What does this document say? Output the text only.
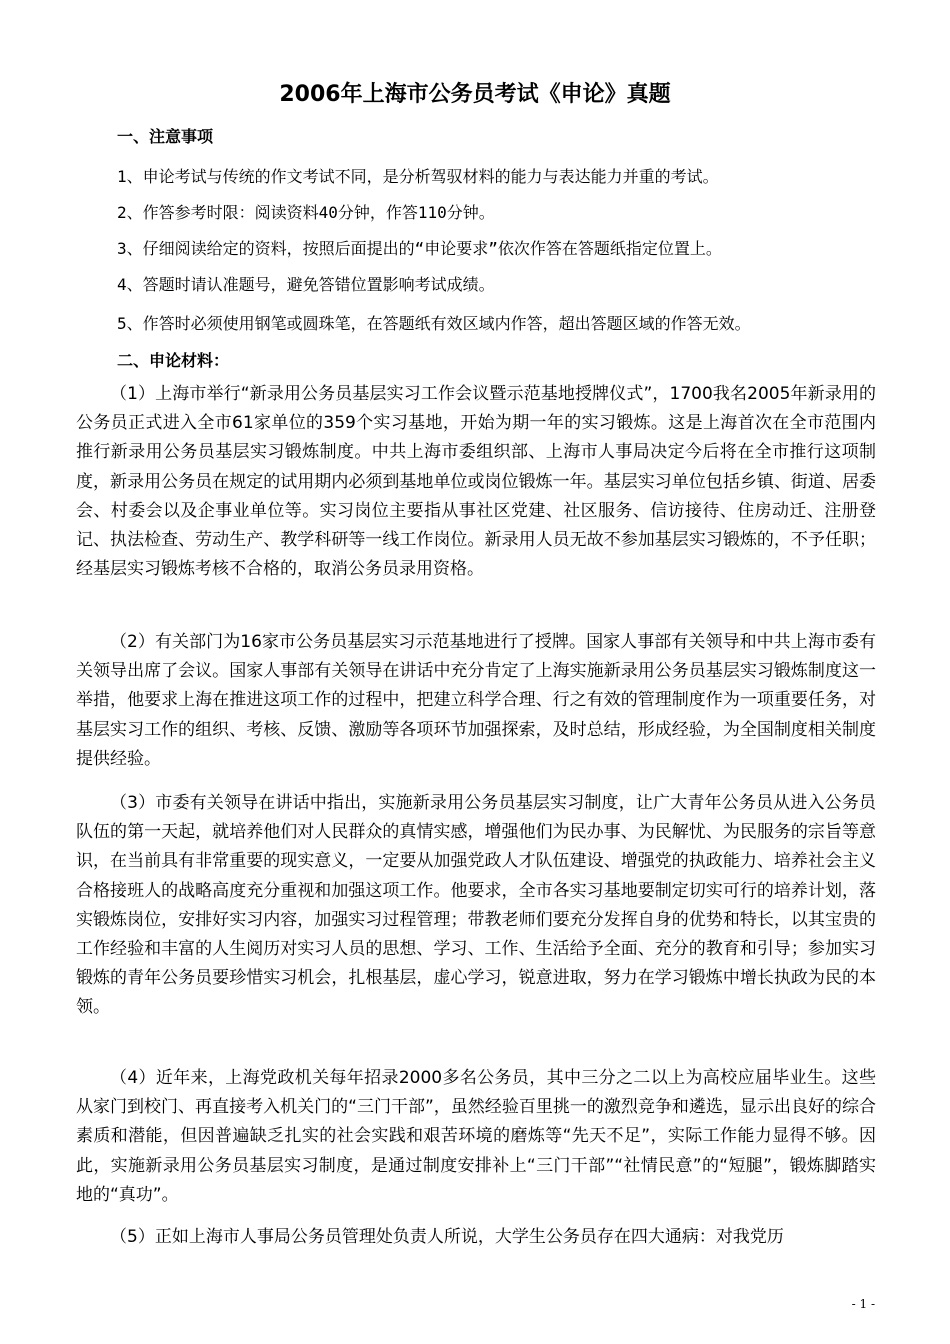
2006年上海市公务员考试《申论》真题
一、注意事项
1、申论考试与传统的作文考试不同，是分析驾驭材料的能力与表达能力并重的考试。
2、作答参考时限：阅读资料40分钟，作答110分钟。
3、仔细阅读给定的资料，按照后面提出的“申论要求”依次作答在答题纸指定位置上。
4、答题时请认准题号，避免答错位置影响考试成绩。
5、作答时必须使用钢笔或圆珠笔，在答题纸有效区域内作答，超出答题区域的作答无效。
二、申论材料：
（1）上海市举行“新录用公务员基层实习工作会议暨示范基地授牌仪式”，1700我名2005年新录用的公务员正式进入全市61家单位的359个实习基地，开始为期一年的实习锻炼。这是上海首次在全市范围内推行新录用公务员基层实习锻炼制度。中共上海市委组织部、上海市人事局决定今后将在全市推行这项制度，新录用公务员在规定的试用期内必须到基地单位或岗位锻炼一年。基层实习单位包括乡镇、街道、居委会、村委会以及企事业单位等。实习岗位主要指从事社区党建、社区服务、信访接待、住房动迁、注册登记、执法检查、劳动生产、教学科研等一线工作岗位。新录用人员无故不参加基层实习锻炼的，不予任职；经基层实习锻炼考核不合格的，取消公务员录用资格。
（2）有关部门为16家市公务员基层实习示范基地进行了授牌。国家人事部有关领导和中共上海市委有关领导出席了会议。国家人事部有关领导在讲话中充分肯定了上海实施新录用公务员基层实习锻炼制度这一举措，他要求上海在推进这项工作的过程中，把建立科学合理、行之有效的管理制度作为一项重要任务，对基层实习工作的组织、考核、反馈、激励等各项环节加强探索，及时总结，形成经验，为全国制度相关制度提供经验。
（3）市委有关领导在讲话中指出，实施新录用公务员基层实习制度，让广大青年公务员从进入公务员队伍的第一天起，就培养他们对人民群众的真情实感，增强他们为民办事、为民解忧、为民服务的宗旨等意识，在当前具有非常重要的现实意义，一定要从加强党政人才队伍建设、增强党的执政能力、培养社会主义合格接班人的战略高度充分重视和加强这项工作。他要求，全市各实习基地要制定切实可行的培养计划，落实锻炼岗位，安排好实习内容，加强实习过程管理；带教老师们要充分发挥自身的优势和特长，以其宝贵的工作经验和丰富的人生阅历对实习人员的思想、学习、工作、生活给予全面、充分的教育和引导；参加实习锻炼的青年公务员要珍惜实习机会，扎根基层，虚心学习，锐意进取，努力在学习锻炼中增长执政为民的本领。
（4）近年来，上海党政机关每年招录2000多名公务员，其中三分之二以上为高校应届毕业生。这些从家门到校门、再直接考入机关门的“三门干部”，虽然经验百里挑一的激烈竞争和遴选，显示出良好的综合素质和潜能，但因普遍缺乏扎实的社会实践和艰苦环境的磨炼等“先天不足”，实际工作能力显得不够。因此，实施新录用公务员基层实习制度，是通过制度安排补上“三门干部”“社情民意”的“短腿”，锻炼脚踏实地的“真功”。
（5）正如上海市人事局公务员管理处负责人所说，大学生公务员存在四大通病：对我党历
- 1 -
